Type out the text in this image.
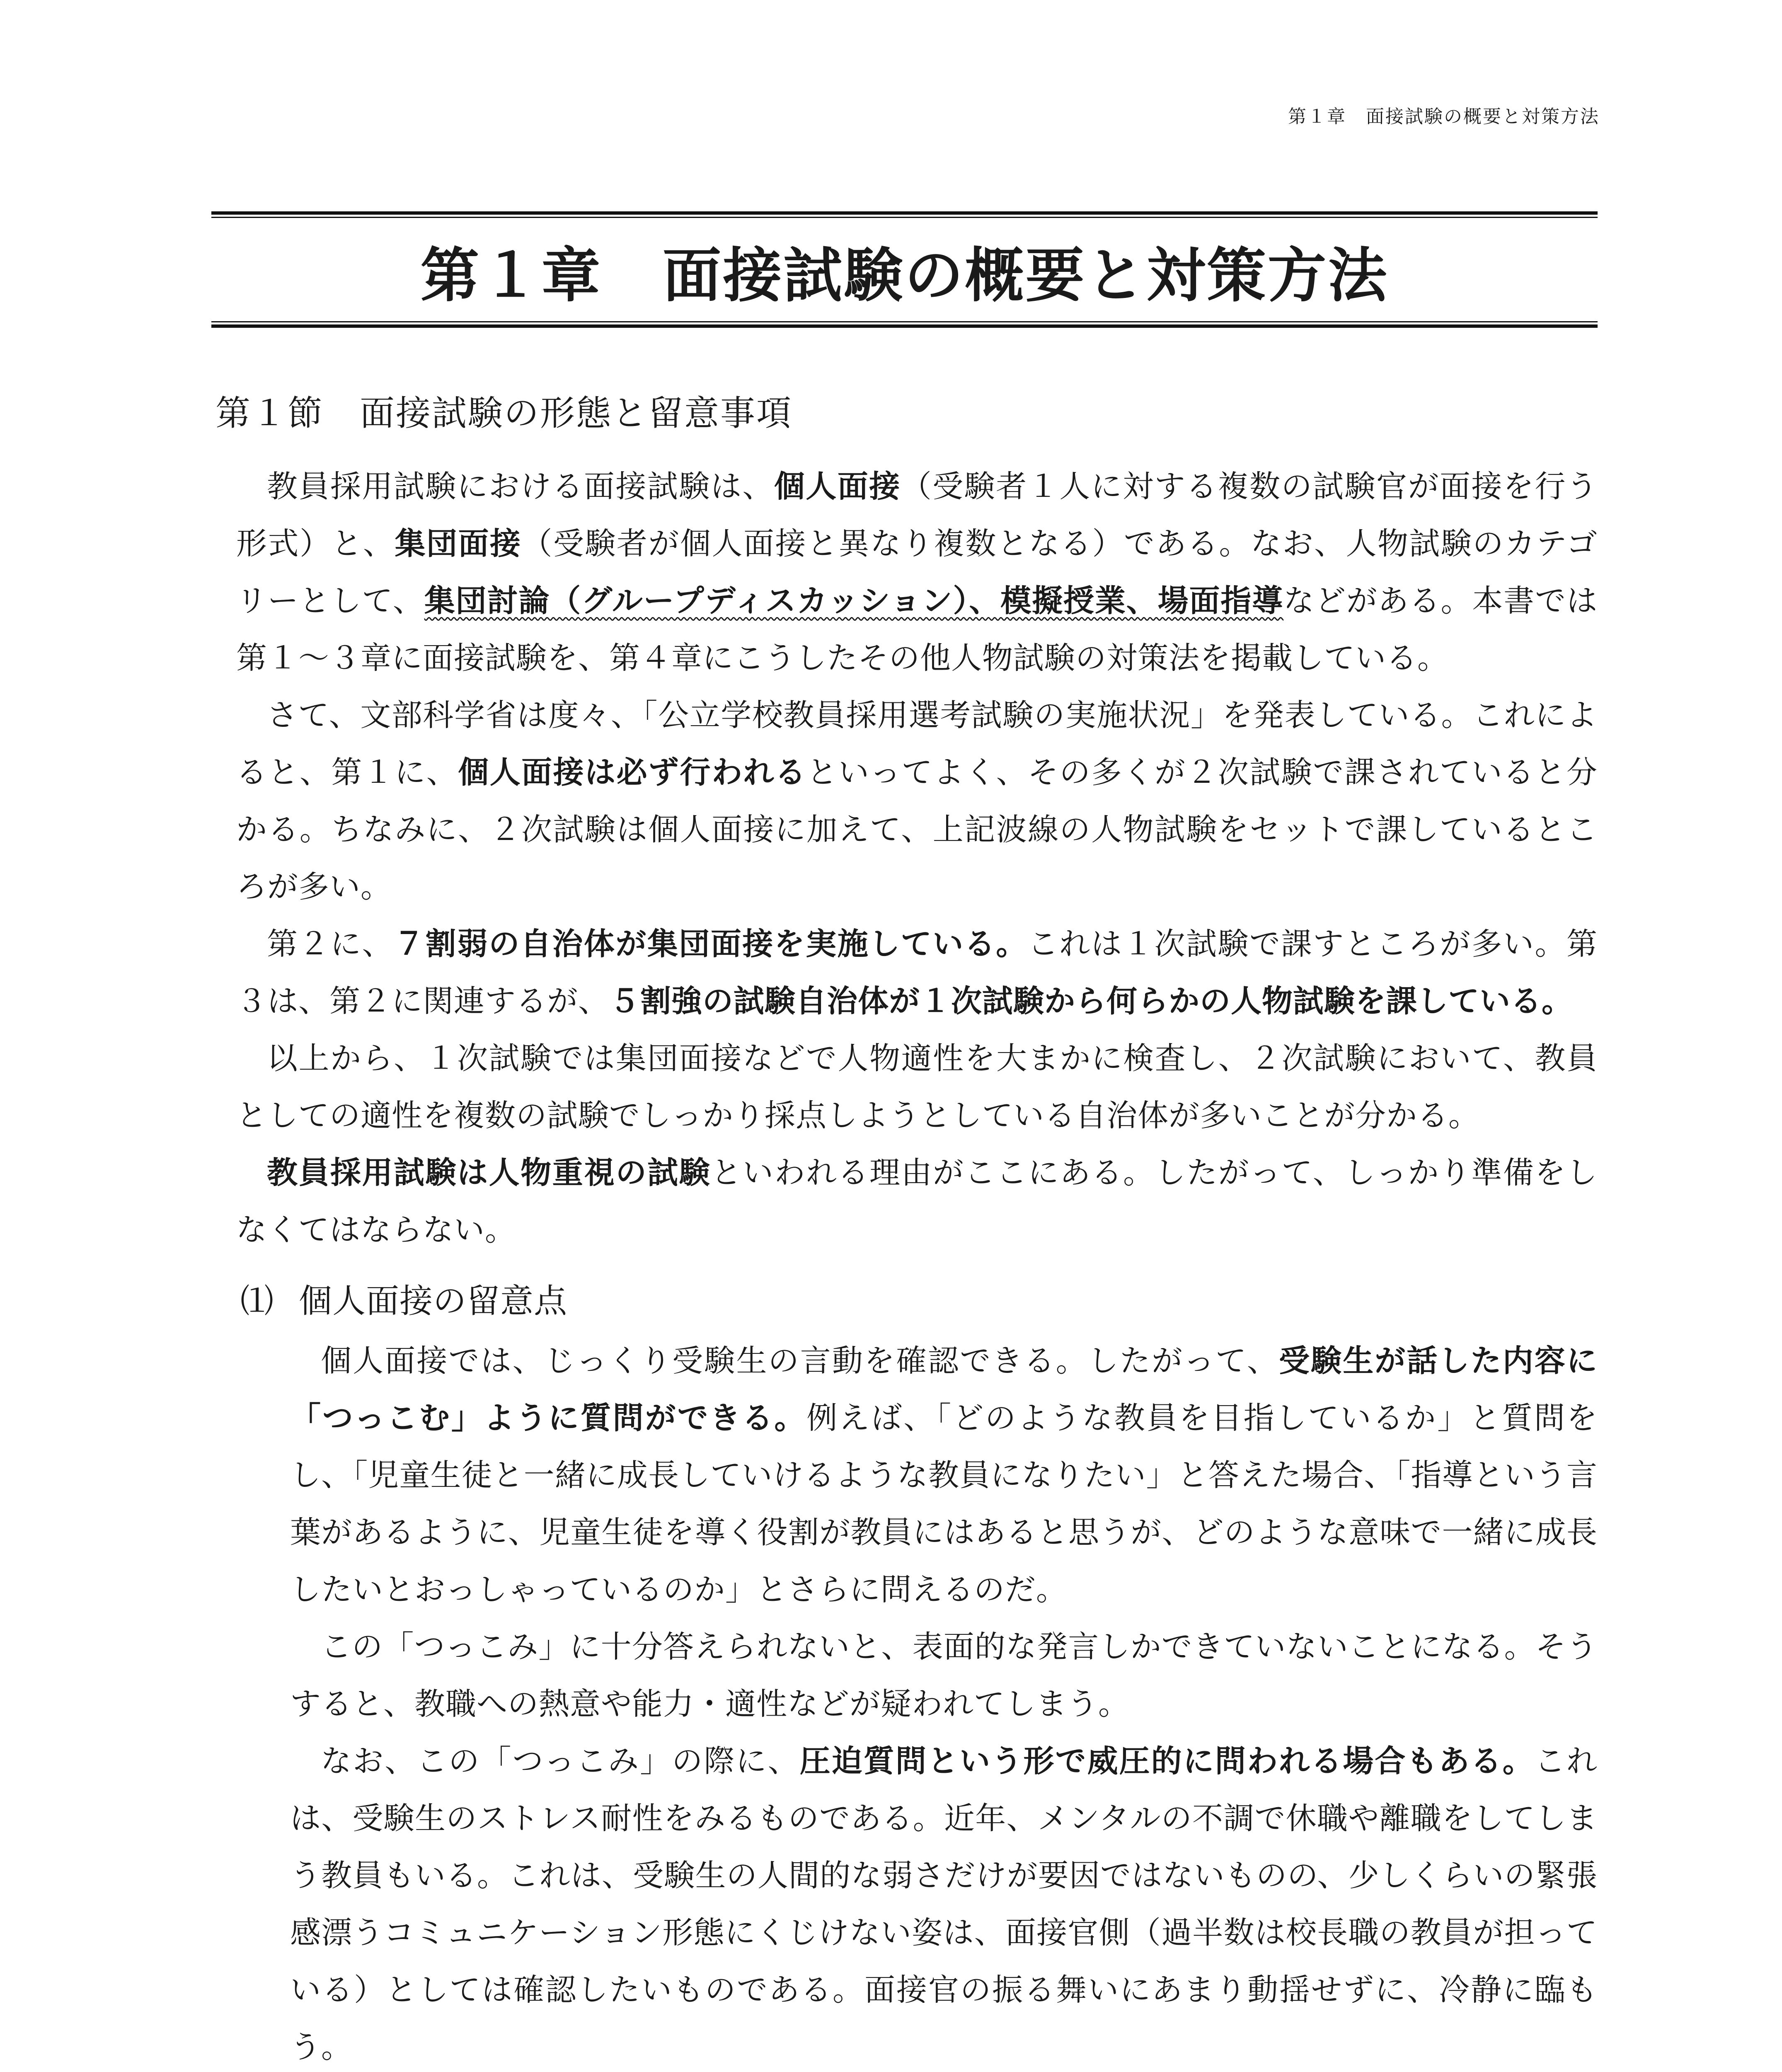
第１章　面接試験の概要と対策方法
第１章　面接試験の概要と対策方法
第１節　面接試験の形態と留意事項

教員採用試験における面接試験は、個人面接（受験者１人に対する複数の試験官が面接を行う形式）と、集団面接（受験者が個人面接と異なり複数となる）である。なお、人物試験のカテゴリーとして、集団討論（グループディスカッション）、模擬授業、場面指導などがある。本書では第１～３章に面接試験を、第４章にこうしたその他人物試験の対策法を掲載している。

さて、文部科学省は度々、「公立学校教員採用選考試験の実施状況」を発表している。これによると、第１に、個人面接は必ず行われるといってよく、その多くが２次試験で課されていると分かる。ちなみに、２次試験は個人面接に加えて、上記波線の人物試験をセットで課しているところが多い。

第２に、７割弱の自治体が集団面接を実施している。これは１次試験で課すところが多い。第３は、第２に関連するが、５割強の試験自治体が１次試験から何らかの人物試験を課している。

以上から、１次試験では集団面接などで人物適性を大まかに検査し、２次試験において、教員としての適性を複数の試験でしっかり採点しようとしている自治体が多いことが分かる。

教員採用試験は人物重視の試験といわれる理由がここにある。したがって、しっかり準備をしなくてはならない。

⑴ 個人面接の留意点

個人面接では、じっくり受験生の言動を確認できる。したがって、受験生が話した内容に「つっこむ」ように質問ができる。例えば、「どのような教員を目指しているか」と質問をし、「児童生徒と一緒に成長していけるような教員になりたい」と答えた場合、「指導という言葉があるように、児童生徒を導く役割が教員にはあると思うが、どのような意味で一緒に成長したいとおっしゃっているのか」とさらに問えるのだ。

この「つっこみ」に十分答えられないと、表面的な発言しかできていないことになる。そうすると、教職への熱意や能力・適性などが疑われてしまう。

なお、この「つっこみ」の際に、圧迫質問という形で威圧的に問われる場合もある。これは、受験生のストレス耐性をみるものである。近年、メンタルの不調で休職や離職をしてしまう教員もいる。これは、受験生の人間的な弱さだけが要因ではないものの、少しくらいの緊張感漂うコミュニケーション形態にくじけない姿は、面接官側（過半数は校長職の教員が担っている）としては確認したいものである。面接官の振る舞いにあまり動揺せずに、冷静に臨もう。
